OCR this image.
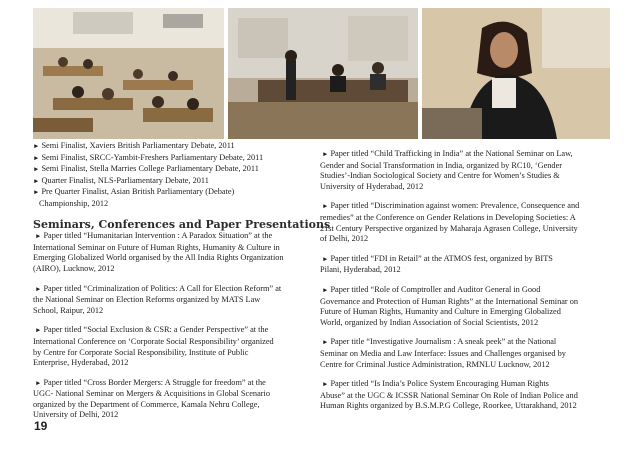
► Semi Finalist, Xaviers British Parliamentary Debate, 2011

► Semi Finalist, SRCC-Yambit-Freshers Parliamentary Debate, 2011

► Semi Finalist, Stella Marries College Parliamentary Debate, 2011

► Quarter Finalist, NLS-Parliamentary Debate, 2011

► Pre Quarter Finalist, Asian British Parliamentary (Debate)

Championship, 2012

Seminars, Conferences and Paper Presentations
► Paper titled “Humanitarian Intervention : A Paradox Situation” at the
International Seminar on Future of Human Rights, Humanity & Culture in
Emerging Globalized World organised by the All India Rights Organization
(AIRO), Lucknow, 2012
► Paper titled “Criminalization of Politics: A Call for Election Reform” at
the National Seminar on Election Reforms organized by MATS Law
School, Raipur, 2012
► Paper titled “Social Exclusion & CSR: a Gender Perspective” at the
International Conference on ‘Corporate Social Responsibility’ organized
by Centre for Corporate Social Responsibility, Institute of Public
Enterprise, Hyderabad, 2012
► Paper titled “Cross Border Mergers: A Struggle for freedom” at the
UGC- National Seminar on Mergers & Acquisitions in Global Scenario
organized by the Department of Commerce, Kamala Nehru College,
University of Delhi, 2012
► Paper titled “Child Trafficking in India” at the National Seminar on Law,
Gender and Social Transformation in India, organized by RC10, ‘Gender
Studies’-Indian Sociological Society and Centre for Women’s Studies &
University of Hyderabad, 2012
► Paper titled “Discrimination against women: Prevalence, Consequence and
remedies” at the Conference on Gender Relations in Developing Societies: A
21st Century Perspective organized by Maharaja Agrasen College, University
of Delhi, 2012
► Paper titled “FDI in Retail” at the ATMOS fest, organized by BITS
Pilani, Hyderabad, 2012
► Paper titled “Role of Comptroller and Auditor General in Good
Governance and Protection of Human Rights” at the International Seminar on
Future of Human Rights, Humanity and Culture in Emerging Globalized
World, organized by Indian Association of Social Scientists, 2012
► Paper title “Investigative Journalism : A sneak peek” at the National
Seminar on Media and Law Interface: Issues and Challenges organised by
Centre for Criminal Justice Administration, RMNLU Lucknow, 2012
► Paper titled “Is India’s Police System Encouraging Human Rights
Abuse” at the UGC & ICSSR National Seminar On Role of Indian Police and
Human Rights organized by B.S.M.P.G College, Roorkee, Uttarakhand, 2012
19
